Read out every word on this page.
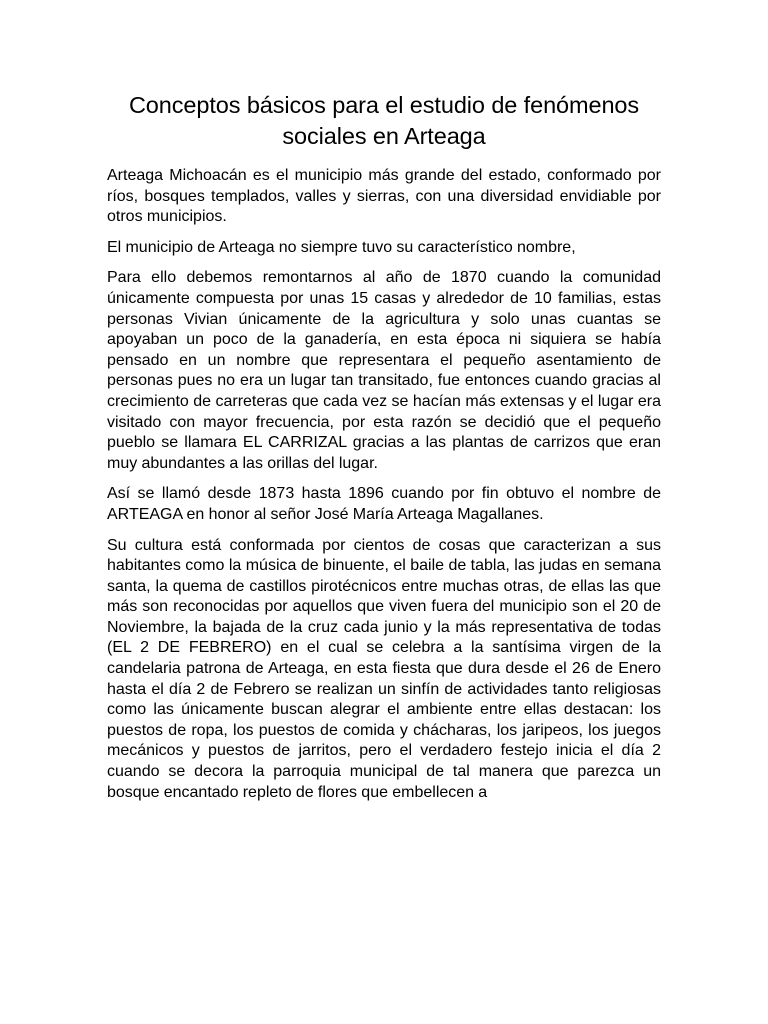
Conceptos básicos para el estudio de fenómenos sociales en Arteaga

Arteaga Michoacán es el municipio más grande del estado, conformado por ríos, bosques templados, valles y sierras, con una diversidad envidiable por otros municipios.

El municipio de Arteaga no siempre tuvo su característico nombre,

Para ello debemos remontarnos al año de 1870 cuando la comunidad únicamente compuesta por unas 15 casas y alrededor de 10 familias, estas personas Vivian únicamente de la agricultura y solo unas cuantas se apoyaban un poco de la ganadería, en esta época ni siquiera se había pensado en un nombre que representara el pequeño asentamiento de personas pues no era un lugar tan transitado, fue entonces cuando gracias al crecimiento de carreteras que cada vez se hacían más extensas y el lugar era visitado con mayor frecuencia, por esta razón se decidió que el pequeño pueblo se llamara EL CARRIZAL gracias a las plantas de carrizos que eran muy abundantes a las orillas del lugar.

Así se llamó desde 1873 hasta 1896 cuando por fin obtuvo el nombre de ARTEAGA en honor al señor José María Arteaga Magallanes.

Su cultura está conformada por cientos de cosas que caracterizan a sus habitantes como la música de binuente, el baile de tabla, las judas en semana santa, la quema de castillos pirotécnicos entre muchas otras, de ellas las que más son reconocidas por aquellos que viven fuera del municipio son el 20 de Noviembre, la bajada de la cruz cada junio y la más representativa de todas (EL 2 DE FEBRERO) en el cual se celebra a la santísima virgen de la candelaria patrona de Arteaga, en esta fiesta que dura desde el 26 de Enero hasta el día 2 de Febrero se realizan un sinfín de actividades tanto religiosas como las únicamente buscan alegrar el ambiente entre ellas destacan: los puestos de ropa, los puestos de comida y chácharas, los jaripeos, los juegos mecánicos y puestos de jarritos, pero el verdadero festejo inicia el día 2 cuando se decora la parroquia municipal de tal manera que parezca un bosque encantado repleto de flores que embellecen a
